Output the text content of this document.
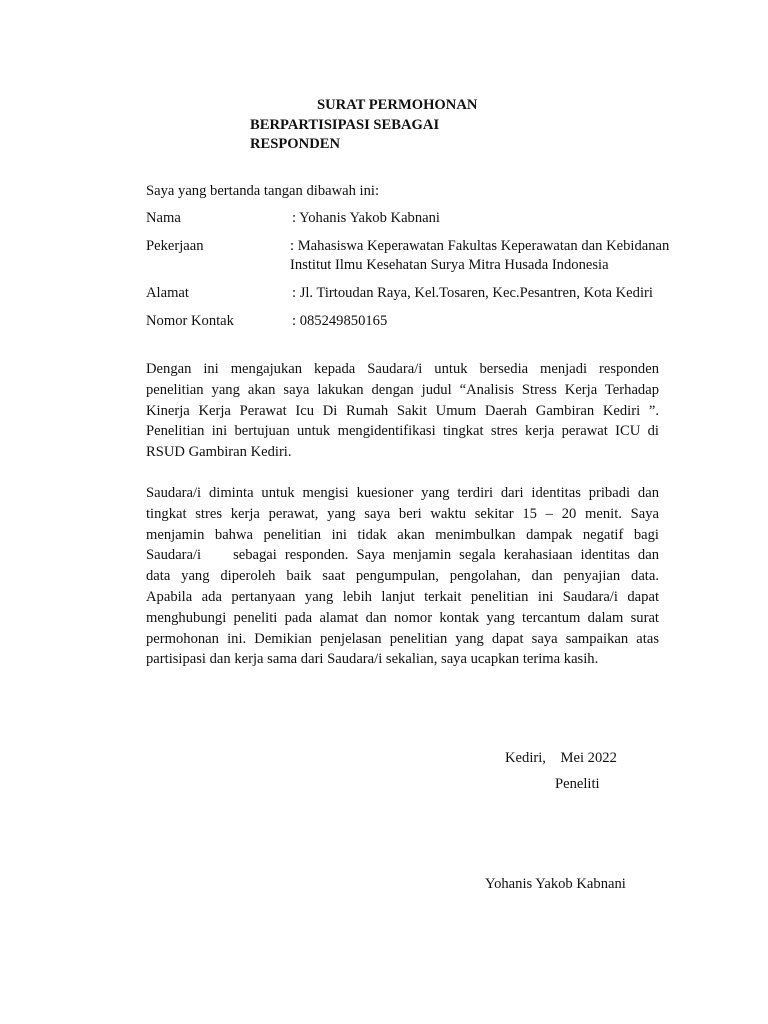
SURAT PERMOHONAN
BERPARTISIPASI SEBAGAI
RESPONDEN
Saya yang bertanda tangan dibawah ini:
Nama	: Yohanis Yakob Kabnani
Pekerjaan	: Mahasiswa Keperawatan Fakultas Keperawatan dan Kebidanan
Institut Ilmu Kesehatan Surya Mitra Husada Indonesia
Alamat	: Jl. Tirtoudan Raya, Kel.Tosaren, Kec.Pesantren, Kota Kediri
Nomor Kontak	: 085249850165
Dengan ini mengajukan kepada Saudara/i untuk bersedia menjadi responden
penelitian yang akan saya lakukan dengan judul “Analisis Stress Kerja Terhadap
Kinerja Kerja Perawat Icu Di Rumah Sakit Umum Daerah Gambiran Kediri ”.
Penelitian ini bertujuan untuk mengidentifikasi tingkat stres kerja perawat ICU di
RSUD Gambiran Kediri.
Saudara/i diminta untuk mengisi kuesioner yang terdiri dari identitas pribadi dan
tingkat stres kerja perawat, yang saya beri waktu sekitar 15 – 20 menit. Saya
menjamin bahwa penelitian ini tidak akan menimbulkan dampak negatif bagi
Saudara/i    sebagai responden. Saya menjamin segala kerahasiaan identitas dan
data yang diperoleh baik saat pengumpulan, pengolahan, dan penyajian data.
Apabila ada pertanyaan yang lebih lanjut terkait penelitian ini Saudara/i dapat
menghubungi peneliti pada alamat dan nomor kontak yang tercantum dalam surat
permohonan ini. Demikian penjelasan penelitian yang dapat saya sampaikan atas
partisipasi dan kerja sama dari Saudara/i sekalian, saya ucapkan terima kasih.
Kediri,    Mei 2022
Peneliti
Yohanis Yakob Kabnani
